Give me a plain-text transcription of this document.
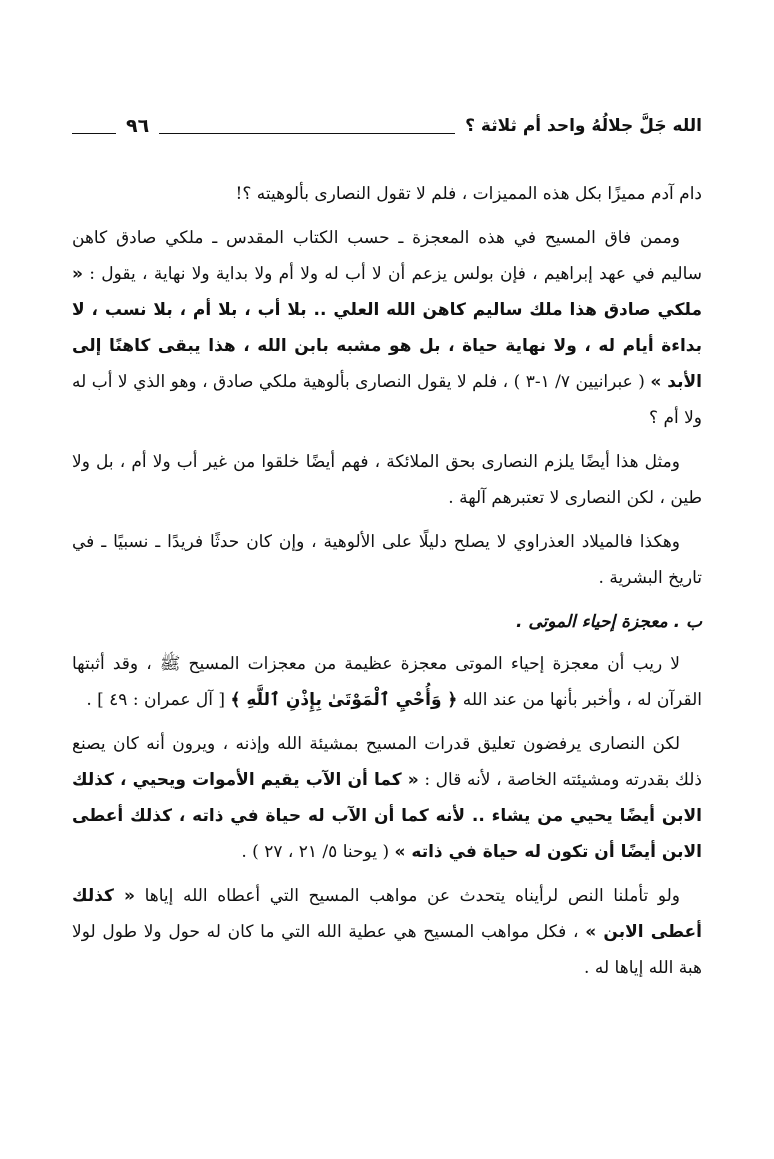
الله جَلَّ جلالُهُ واحد أم ثلاثة ؟
٩٦

دام آدم مميزًا بكل هذه المميزات ، فلم لا تقول النصارى بألوهيته ؟!

وممن فاق المسيح في هذه المعجزة ـ حسب الكتاب المقدس ـ ملكي صادق كاهن ساليم في عهد إبراهيم ، فإن بولس يزعم أن لا أب له ولا أم ولا بداية ولا نهاية ، يقول : « ملكي صادق هذا ملك ساليم كاهن الله العلي .. بلا أب ، بلا أم ، بلا نسب ، لا بداءة أيام له ، ولا نهاية حياة ، بل هو مشبه بابن الله ، هذا يبقى كاهنًا إلى الأبد » ( عبرانيين ٧/ ١-٣ ) ، فلم لا يقول النصارى بألوهية ملكي صادق ، وهو الذي لا أب له ولا أم ؟

ومثل هذا أيضًا يلزم النصارى بحق الملائكة ، فهم أيضًا خلقوا من غير أب ولا أم ، بل ولا طين ، لكن النصارى لا تعتبرهم آلهة .

وهكذا فالميلاد العذراوي لا يصلح دليلًا على الألوهية ، وإن كان حدثًا فريدًا ـ نسبيًا ـ في تاريخ البشرية .

ب . معجزة إحياء الموتى .

لا ريب أن معجزة إحياء الموتى معجزة عظيمة من معجزات المسيح ﷺ ، وقد أثبتها القرآن له ، وأخبر بأنها من عند الله ﴿ وَأُحْيِ ٱلْمَوْتَىٰ بِإِذْنِ ٱللَّهِ ﴾ [ آل عمران : ٤٩ ] .

لكن النصارى يرفضون تعليق قدرات المسيح بمشيئة الله وإذنه ، ويرون أنه كان يصنع ذلك بقدرته ومشيئته الخاصة ، لأنه قال : « كما أن الآب يقيم الأموات ويحيي ، كذلك الابن أيضًا يحيي من يشاء .. لأنه كما أن الآب له حياة في ذاته ، كذلك أعطى الابن أيضًا أن تكون له حياة في ذاته » ( يوحنا ٥/ ٢١ ، ٢٧ ) .

ولو تأملنا النص لرأيناه يتحدث عن مواهب المسيح التي أعطاه الله إياها « كذلك أعطى الابن » ، فكل مواهب المسيح هي عطية الله التي ما كان له حول ولا طول لولا هبة الله إياها له .
